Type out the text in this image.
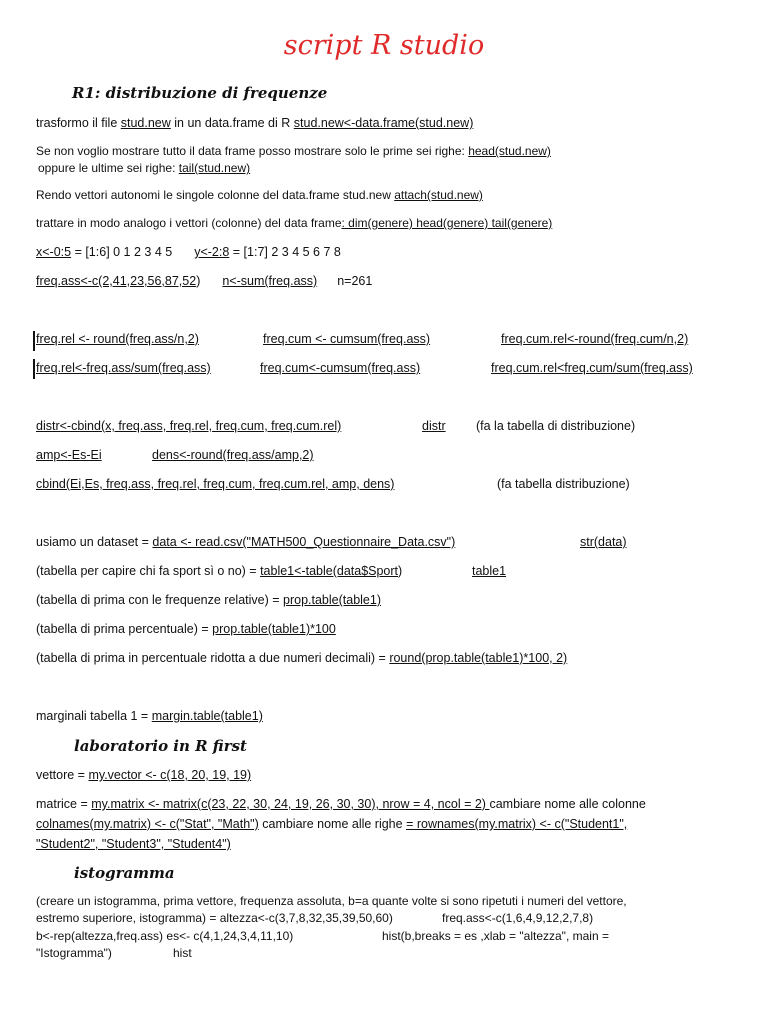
script R studio
R1: distribuzione di frequenze
trasformo il file stud.new in un data.frame di R stud.new<-data.frame(stud.new)
Se non voglio mostrare tutto il data frame posso mostrare solo le prime sei righe: head(stud.new)
oppure le ultime sei righe: tail(stud.new)
Rendo vettori autonomi le singole colonne del data.frame stud.new attach(stud.new)
trattare in modo analogo i vettori (colonne) del data frame: dim(genere) head(genere) tail(genere)
x<-0:5 = [1:6] 0 1 2 3 4 5 y<-2:8 = [1:7] 2 3 4 5 6 7 8
freq.ass<-c(2,41,23,56,87,52) n<-sum(freq.ass) n=261
freq.rel <- round(freq.ass/n,2)	freq.cum <- cumsum(freq.ass)	freq.cum.rel<-round(freq.cum/n,2)
freq.rel<-freq.ass/sum(freq.ass)	freq.cum<-cumsum(freq.ass)	freq.cum.rel<freq.cum/sum(freq.ass)
distr<-cbind(x, freq.ass, freq.rel, freq.cum, freq.cum.rel)	distr (fa la tabella di distribuzione)
amp<-Es-Ei	dens<-round(freq.ass/amp,2)
cbind(Ei,Es, freq.ass, freq.rel, freq.cum, freq.cum.rel, amp, dens)	(fa tabella distribuzione)
usiamo un dataset = data <- read.csv("MATH500_Questionnaire_Data.csv")	str(data)
(tabella per capire chi fa sport sì o no) = table1<-table(data$Sport)	table1
(tabella di prima con le frequenze relative) = prop.table(table1)
(tabella di prima percentuale) = prop.table(table1)*100
(tabella di prima in percentuale ridotta a due numeri decimali) = round(prop.table(table1)*100, 2)
marginali tabella 1 = margin.table(table1)
laboratorio in R first
vettore = my.vector <- c(18, 20, 19, 19)
matrice = my.matrix <- matrix(c(23, 22, 30, 24, 19, 26, 30, 30), nrow = 4, ncol = 2) cambiare nome alle colonne
colnames(my.matrix) <- c("Stat", "Math") cambiare nome alle righe = rownames(my.matrix) <- c("Student1",
"Student2", "Student3", "Student4")
istogramma
(creare un istogramma, prima vettore, frequenza assoluta, b=a quante volte si sono ripetuti i numeri del vettore,
estremo superiore, istogramma) = altezza<-c(3,7,8,32,35,39,50,60)	freq.ass<-c(1,6,4,9,12,2,7,8)
b<-rep(altezza,freq.ass) es<- c(4,1,24,3,4,11,10)	hist(b,breaks = es ,xlab = "altezza", main =
"Istogramma")	hist
